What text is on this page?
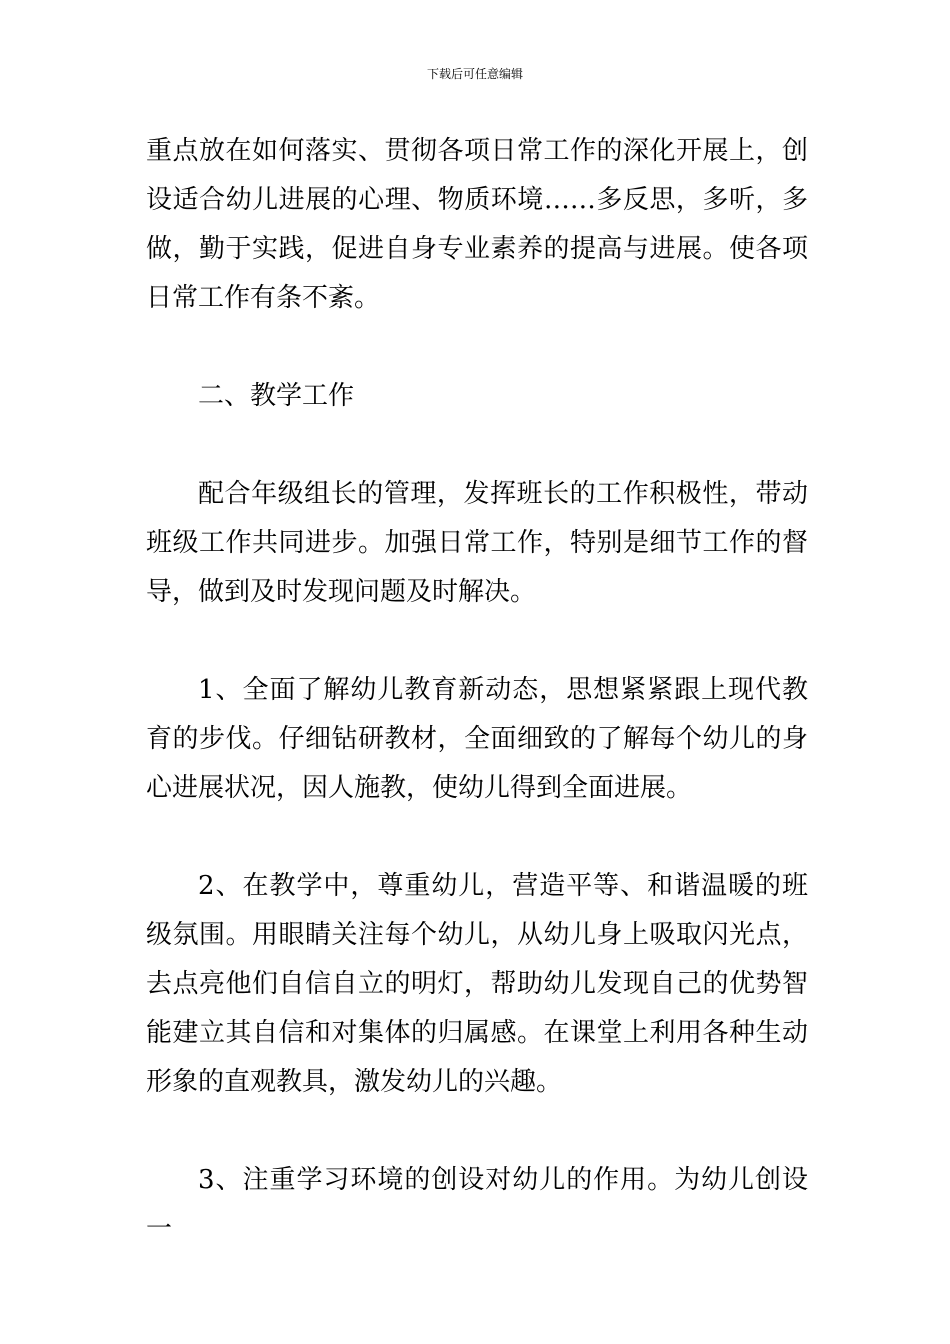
下载后可任意编辑

重点放在如何落实、贯彻各项日常工作的深化开展上，创设适合幼儿进展的心理、物质环境……多反思，多听，多做，勤于实践，促进自身专业素养的提高与进展。使各项日常工作有条不紊。

二、教学工作

配合年级组长的管理，发挥班长的工作积极性，带动班级工作共同进步。加强日常工作，特别是细节工作的督导，做到及时发现问题及时解决。

1、全面了解幼儿教育新动态，思想紧紧跟上现代教育的步伐。仔细钻研教材，全面细致的了解每个幼儿的身心进展状况，因人施教，使幼儿得到全面进展。

2、在教学中，尊重幼儿，营造平等、和谐温暖的班级氛围。用眼睛关注每个幼儿，从幼儿身上吸取闪光点，去点亮他们自信自立的明灯，帮助幼儿发现自己的优势智能建立其自信和对集体的归属感。在课堂上利用各种生动形象的直观教具，激发幼儿的兴趣。

3、注重学习环境的创设对幼儿的作用。为幼儿创设一
